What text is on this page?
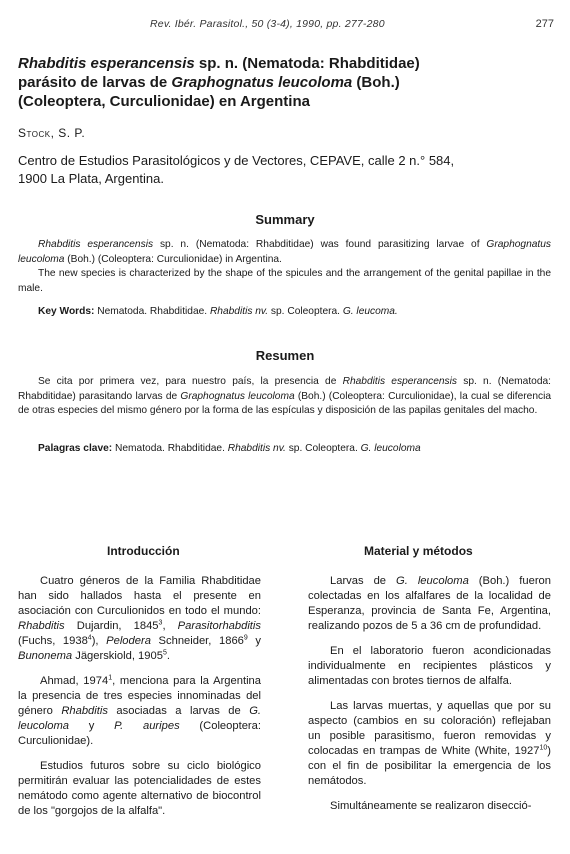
Rev. Ibér. Parasitol., 50 (3-4), 1990, pp. 277-280	277
Rhabditis esperancensis sp. n. (Nematoda: Rhabditidae)
parásito de larvas de Graphognatus leucoloma (Boh.)
(Coleoptera, Curculionidae) en Argentina
Stock, S. P.
Centro de Estudios Parasitológicos y de Vectores, CEPAVE, calle 2 n.° 584,
1900 La Plata, Argentina.
Summary

Rhabditis esperancensis sp. n. (Nematoda: Rhabditidae) was found parasitizing larvae of Graphognatus leucoloma (Boh.) (Coleoptera: Curculionidae) in Argentina.

The new species is characterized by the shape of the spicules and the arrangement of the genital papillae in the male.

Key Words: Nematoda. Rhabditidae. Rhabditis nv. sp. Coleoptera. G. leucoma.
Resumen

Se cita por primera vez, para nuestro país, la presencia de Rhabditis esperancensis sp. n. (Nematoda: Rhabditidae) parasitando larvas de Graphognatus leucoloma (Boh.) (Coleoptera: Curculionidae), la cual se diferencia de otras especies del mismo género por la forma de las espículas y disposición de las papilas genitales del macho.

Palagras clave: Nematoda. Rhabditidae. Rhabditis nv. sp. Coleoptera. G. leucoloma
Introducción

Cuatro géneros de la Familia Rhabditidae han sido hallados hasta el presente en asociación con Curculionidos en todo el mundo: Rhabditis Dujardin, 1845$^3$, Parasitorhabditis (Fuchs, 1938$^4$), Pelodera Schneider, 1866$^9$ y Bunonema Jägerskiold, 1905$^5$.

Ahmad, 1974$^1$, menciona para la Argentina la presencia de tres especies innominadas del género Rhabditis asociadas a larvas de G. leucoloma y P. auripes (Coleoptera: Curculionidae).

Estudios futuros sobre su ciclo biológico permitirán evaluar las potencialidades de estes nemátodo como agente alternativo de biocontrol de los "gorgojos de la alfalfa".

Material y métodos

Larvas de G. leucoloma (Boh.) fueron colectadas en los alfalfares de la localidad de Esperanza, provincia de Santa Fe, Argentina, realizando pozos de 5 a 36 cm de profundidad.

En el laboratorio fueron acondicionadas individualmente en recipientes plásticos y alimentadas con brotes tiernos de alfalfa.

Las larvas muertas, y aquellas que por su aspecto (cambios en su coloración) reflejaban un posible parasitismo, fueron removidas y colocadas en trampas de White (White, 1927$^{10}$) con el fin de posibilitar la emergencia de los nemátodos.

Simultáneamente se realizaron disecció-
